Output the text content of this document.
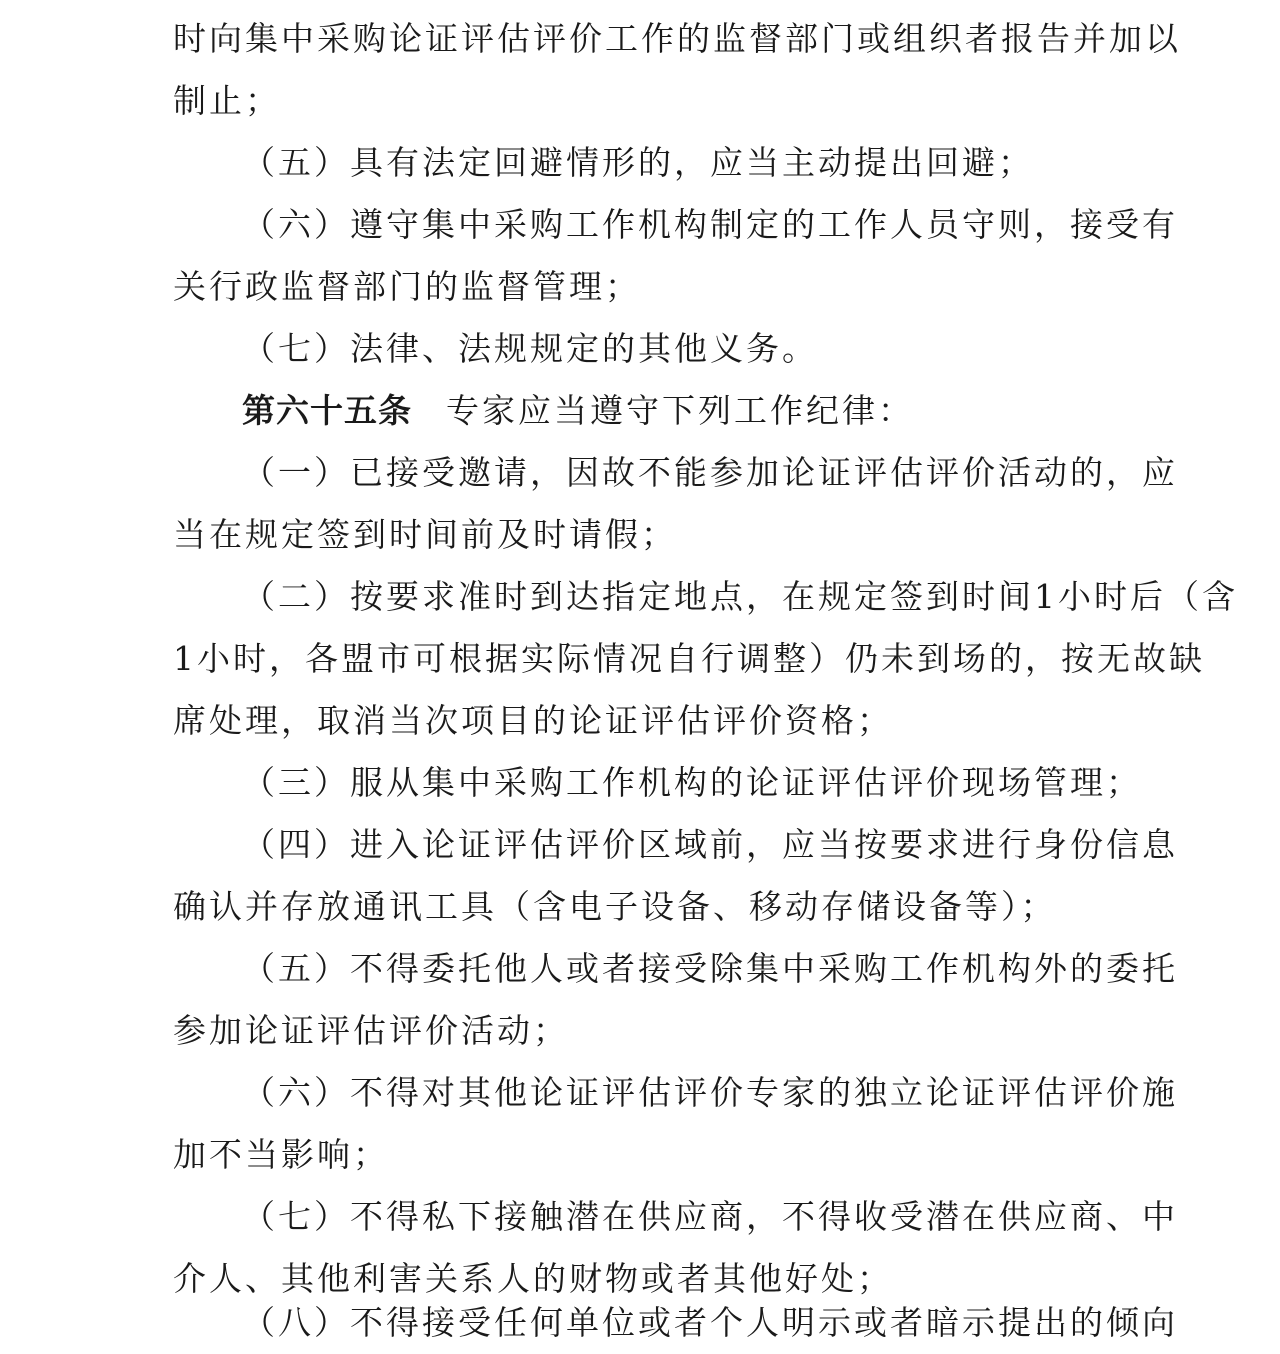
时向集中采购论证评估评价工作的监督部门或组织者报告并加以
制止；
（五）具有法定回避情形的，应当主动提出回避；
（六）遵守集中采购工作机构制定的工作人员守则，接受有
关行政监督部门的监督管理；
（七）法律、法规规定的其他义务。
第六十五条 专家应当遵守下列工作纪律：
（一）已接受邀请，因故不能参加论证评估评价活动的，应
当在规定签到时间前及时请假；
（二）按要求准时到达指定地点，在规定签到时间1小时后（含
1小时，各盟市可根据实际情况自行调整）仍未到场的，按无故缺
席处理，取消当次项目的论证评估评价资格；
（三）服从集中采购工作机构的论证评估评价现场管理；
（四）进入论证评估评价区域前，应当按要求进行身份信息
确认并存放通讯工具（含电子设备、移动存储设备等）；
（五）不得委托他人或者接受除集中采购工作机构外的委托
参加论证评估评价活动；
（六）不得对其他论证评估评价专家的独立论证评估评价施
加不当影响；
（七）不得私下接触潜在供应商，不得收受潜在供应商、中
介人、其他利害关系人的财物或者其他好处；
（八）不得接受任何单位或者个人明示或者暗示提出的倾向
